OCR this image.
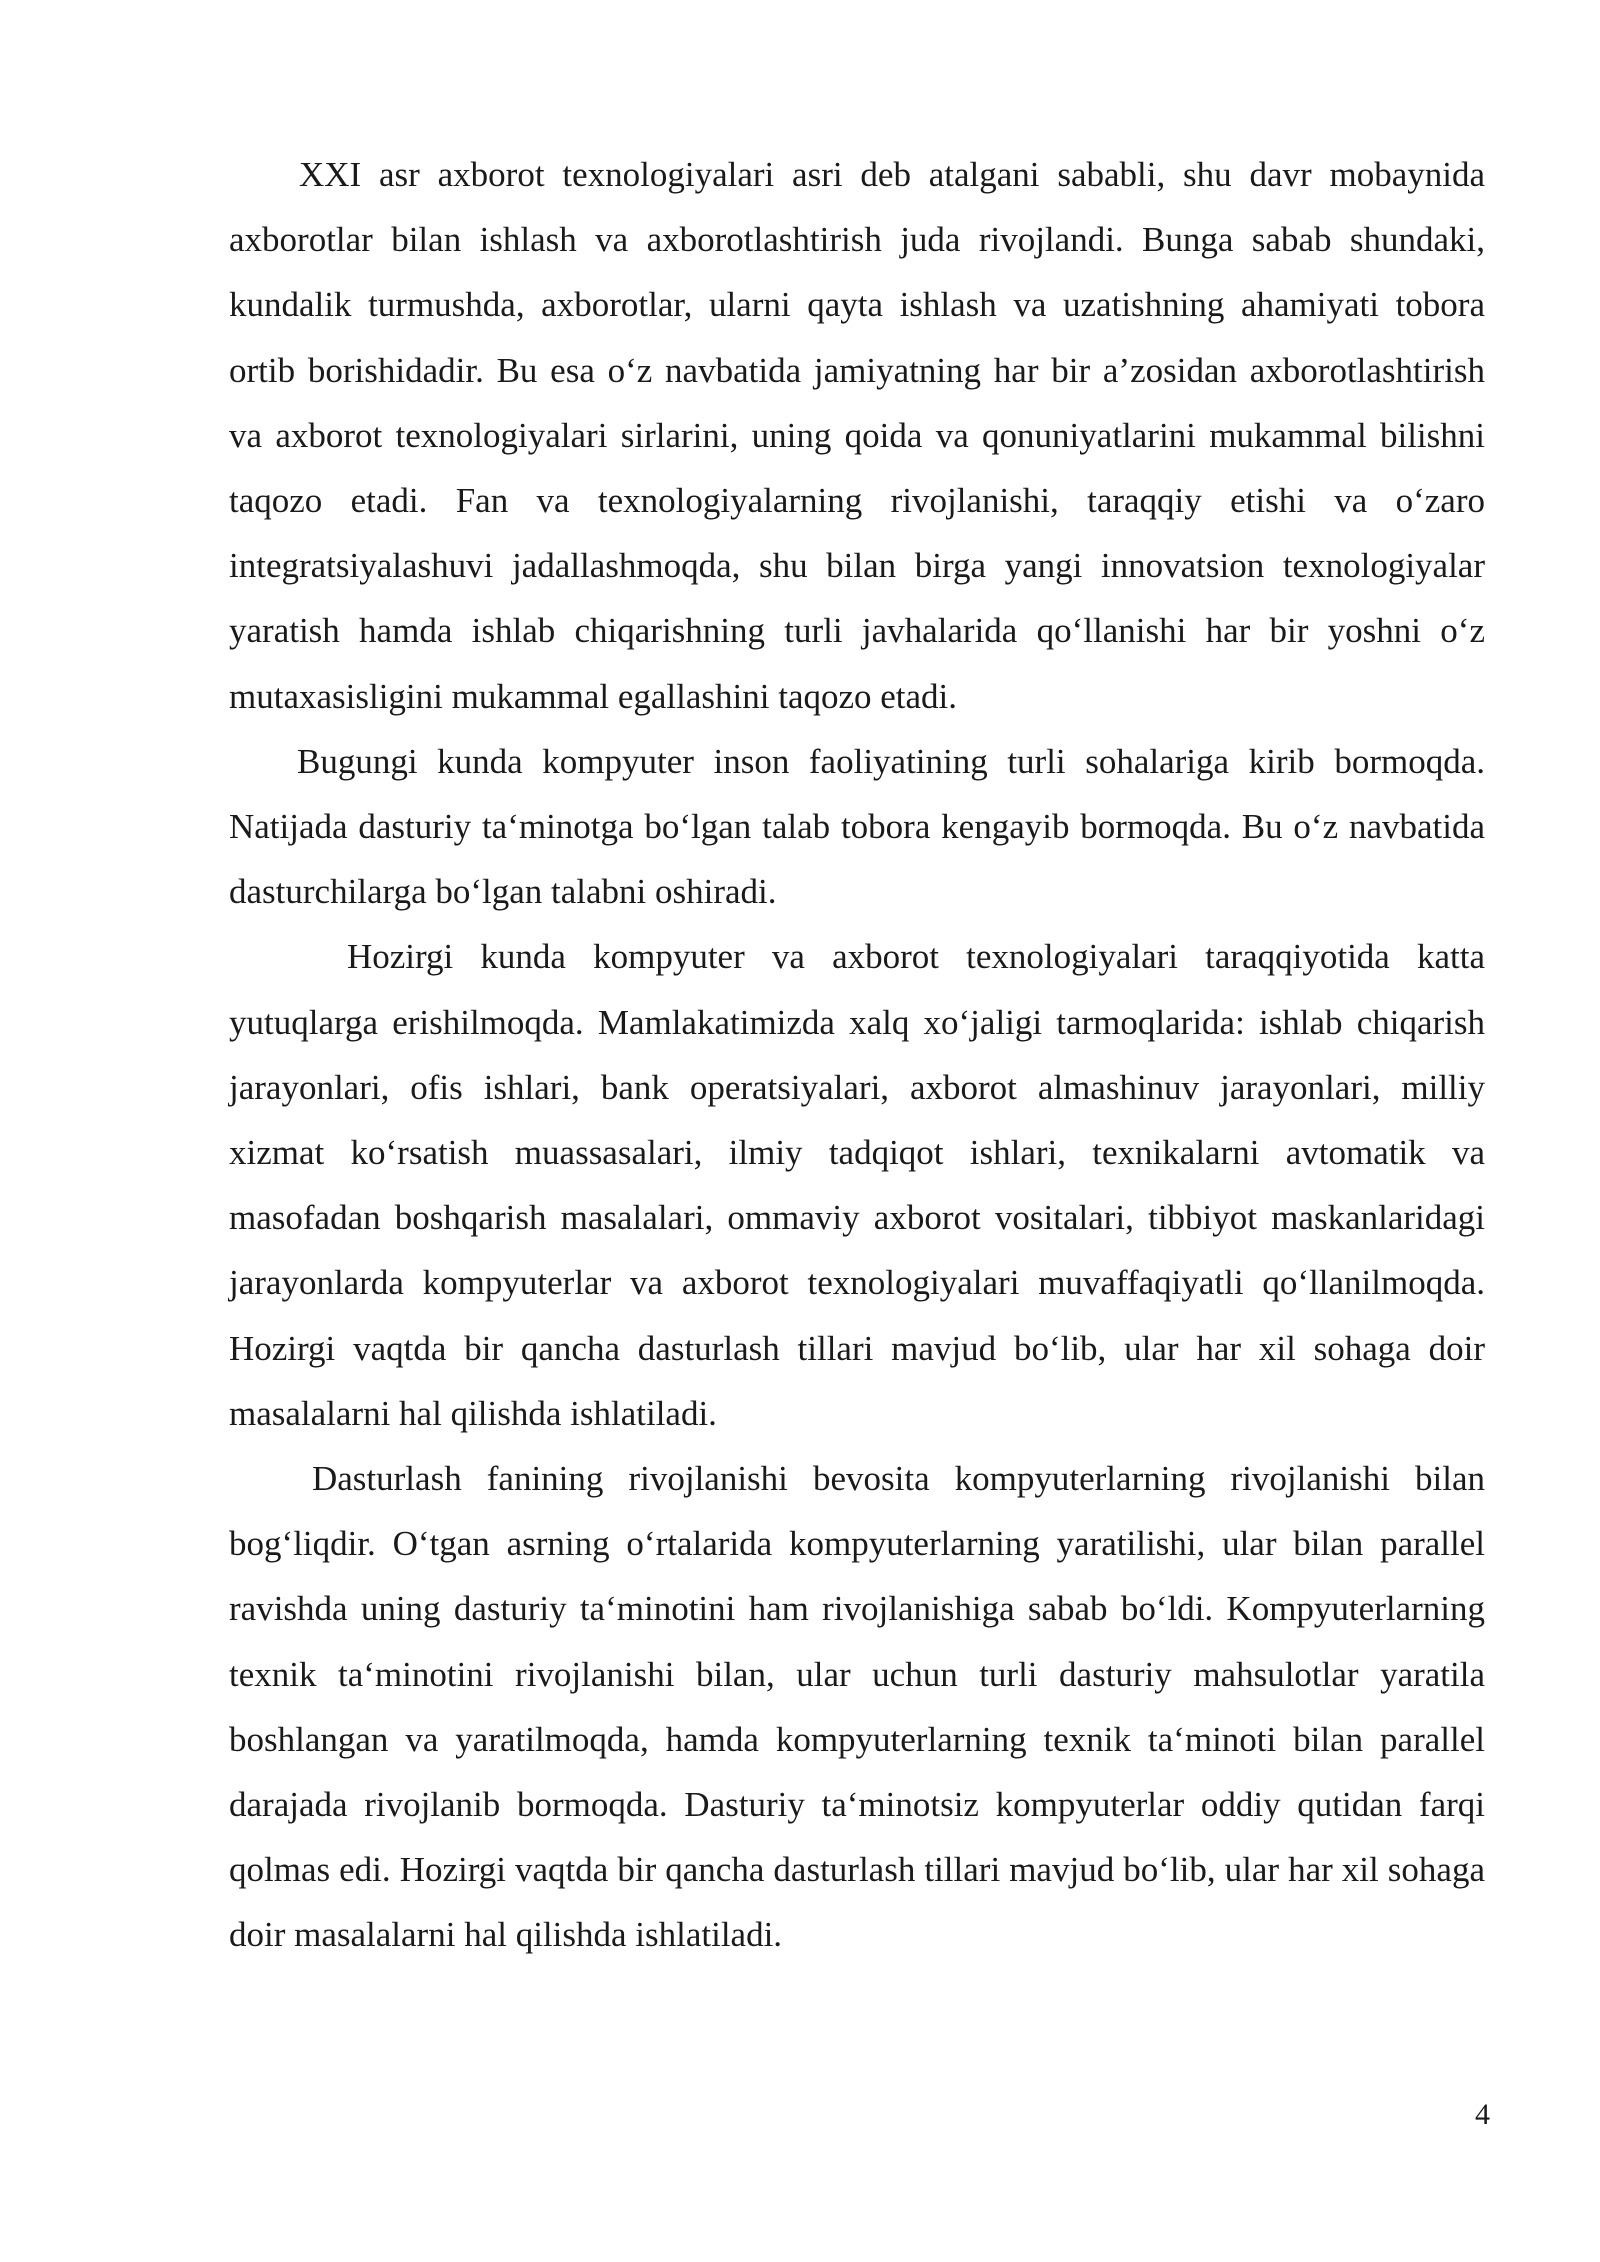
XXI asr axborot texnologiyalari asri deb atalgani sababli, shu davr mobaynida axborotlar bilan ishlash va axborotlashtirish juda rivojlandi. Bunga sabab shundaki, kundalik turmushda, axborotlar, ularni qayta ishlash va uzatishning ahamiyati tobora ortib borishidadir. Bu esa o‘z navbatida jamiyatning har bir a’zosidan axborotlashtirish va axborot texnologiyalari sirlarini, uning qoida va qonuniyatlarini mukammal bilishni taqozo etadi. Fan va texnologiyalarning rivojlanishi, taraqqiy etishi va o‘zaro integratsiyalashuvi jadallashmoqda, shu bilan birga yangi innovatsion texnologiyalar yaratish hamda ishlab chiqarishning turli javhalarida qo‘llanishi har bir yoshni o‘z mutaxasisligini mukammal egallashini taqozo etadi.

Bugungi kunda kompyuter inson faoliyatining turli sohalariga kirib bormoqda. Natijada dasturiy ta‘minotga bo‘lgan talab tobora kengayib bormoqda. Bu o‘z navbatida dasturchilarga bo‘lgan talabni oshiradi.

Hozirgi kunda kompyuter va axborot texnologiyalari taraqqiyotida katta yutuqlarga erishilmoqda. Mamlakatimizda xalq xo‘jaligi tarmoqlarida: ishlab chiqarish jarayonlari, ofis ishlari, bank operatsiyalari, axborot almashinuv jarayonlari, milliy xizmat ko‘rsatish muassasalari, ilmiy tadqiqot ishlari, texnikalarni avtomatik va masofadan boshqarish masalalari, ommaviy axborot vositalari, tibbiyot maskanlaridagi jarayonlarda kompyuterlar va axborot texnologiyalari muvaffaqiyatli qo‘llanilmoqda. Hozirgi vaqtda bir qancha dasturlash tillari mavjud bo‘lib, ular har xil sohaga doir masalalarni hal qilishda ishlatiladi.

Dasturlash fanining rivojlanishi bevosita kompyuterlarning rivojlanishi bilan bog‘liqdir. O‘tgan asrning o‘rtalarida kompyuterlarning yaratilishi, ular bilan parallel ravishda uning dasturiy ta‘minotini ham rivojlanishiga sabab bo‘ldi. Kompyuterlarning texnik ta‘minotini rivojlanishi bilan, ular uchun turli dasturiy mahsulotlar yaratila boshlangan va yaratilmoqda, hamda kompyuterlarning texnik ta‘minoti bilan parallel darajada rivojlanib bormoqda. Dasturiy ta‘minotsiz kompyuterlar oddiy qutidan farqi qolmas edi. Hozirgi vaqtda bir qancha dasturlash tillari mavjud bo‘lib, ular har xil sohaga doir masalalarni hal qilishda ishlatiladi.

4
